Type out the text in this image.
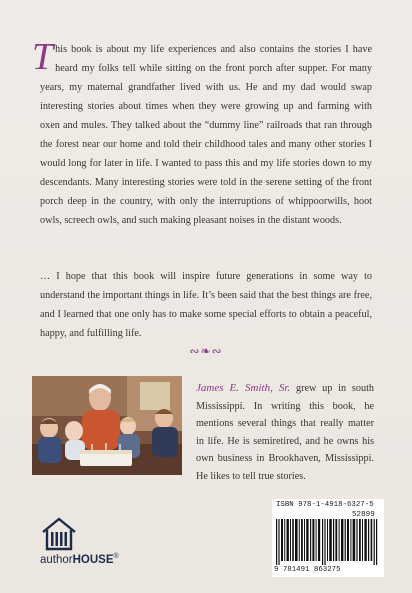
This book is about my life experiences and also contains the stories I have heard my folks tell while sitting on the front porch after supper. For many years, my maternal grandfather lived with us. He and my dad would swap interesting stories about times when they were growing up and farming with oxen and mules. They talked about the “dummy line” railroads that ran through the forest near our home and told their childhood tales and many other stories I would long for later in life. I wanted to pass this and my life stories down to my descendants. Many interesting stories were told in the serene setting of the front porch deep in the country, with only the interruptions of whippoorwills, hoot owls, screech owls, and such making pleasant noises in the distant woods.

… I hope that this book will inspire future generations in some way to understand the important things in life. It’s been said that the best things are free, and I learned that one only has to make some special efforts to obtain a peaceful, happy, and fulfilling life.

∾❧∾

James E. Smith, Sr. grew up in south Mississippi. In writing this book, he mentions several things that really matter in life. He is semiretired, and he owns his own business in Brookhaven, Mississippi. He likes to tell true stories.

ISBN 978-1-4918-6327-5
52899
9 781491 863275
authorHOUSE®
